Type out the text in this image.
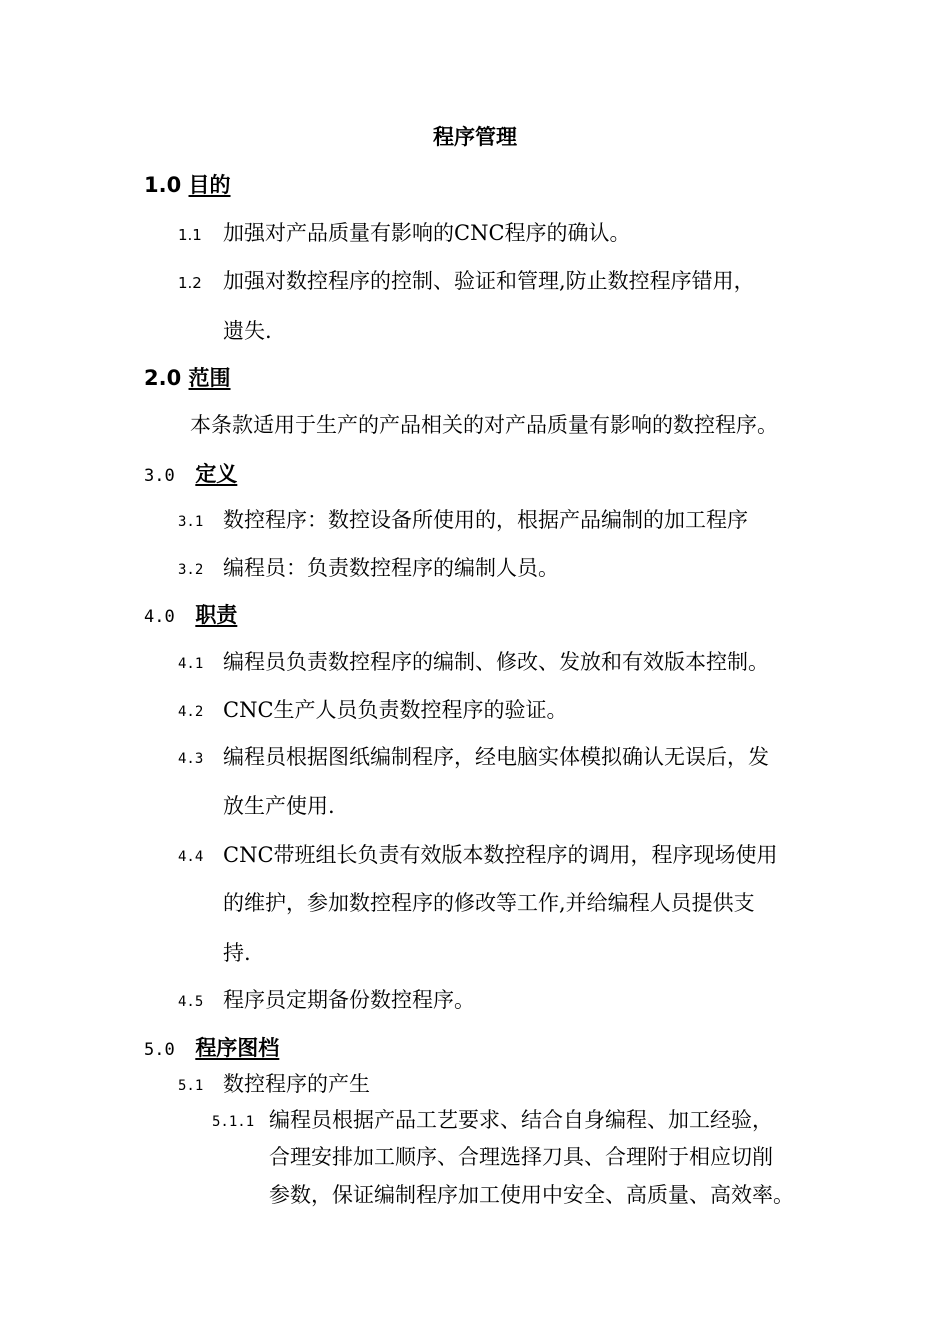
程序管理
1.0 目的
1.1 加强对产品质量有影响的CNC程序的确认。
1.2 加强对数控程序的控制、验证和管理,防止数控程序错用，
遗失.
2.0 范围
本条款适用于生产的产品相关的对产品质量有影响的数控程序。
3.0 定义
3.1 数控程序：数控设备所使用的，根据产品编制的加工程序
3.2 编程员：负责数控程序的编制人员。
4.0 职责
4.1 编程员负责数控程序的编制、修改、发放和有效版本控制。
4.2 CNC生产人员负责数控程序的验证。
4.3 编程员根据图纸编制程序，经电脑实体模拟确认无误后，发
放生产使用.
4.4 CNC带班组长负责有效版本数控程序的调用，程序现场使用
的维护，参加数控程序的修改等工作,并给编程人员提供支
持.
4.5 程序员定期备份数控程序。
5.0 程序图档
5.1 数控程序的产生
5.1.1 编程员根据产品工艺要求、结合自身编程、加工经验，
合理安排加工顺序、合理选择刀具、合理附于相应切削
参数，保证编制程序加工使用中安全、高质量、高效率。
